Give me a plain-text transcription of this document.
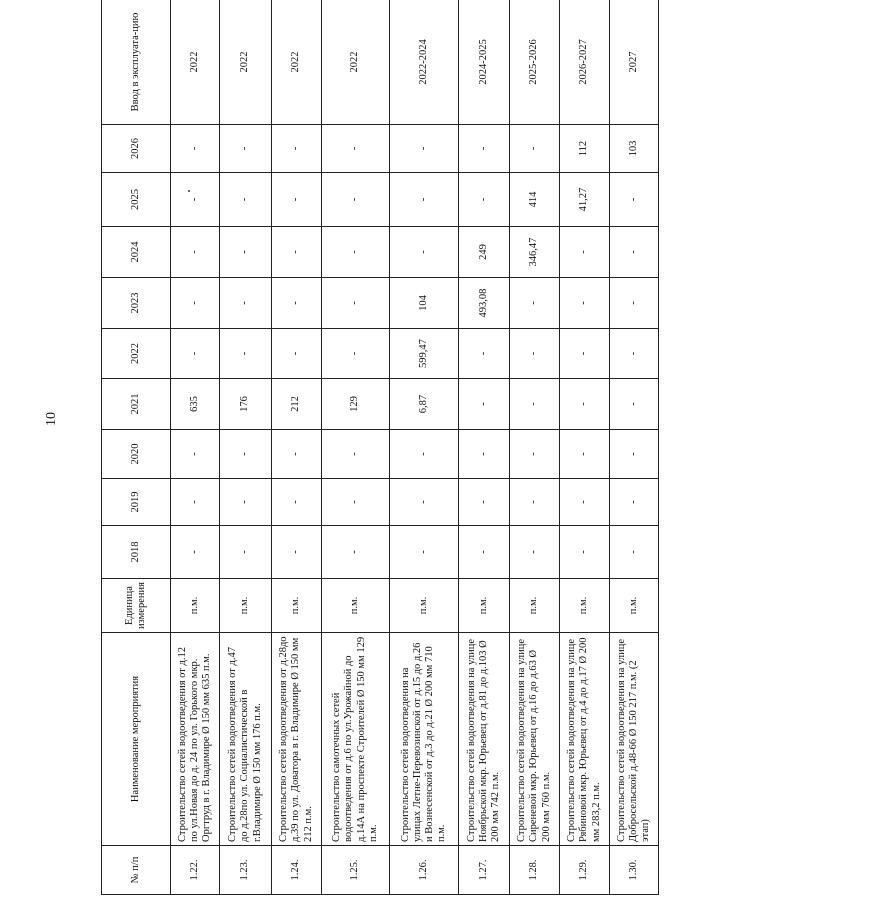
10
№ п/п	Наименование мероприятия	Единица измерения	2018	2019	2020	2021	2022	2023	2024	2025	2026	Ввод в эксплуата-цию
1.22.	Строительство сетей водоотведения от д.12 по ул.Новая до д. 24 по ул. Горького мкр. Оргтруд в г. Владимире Ø 150 мм 635 п.м.	п.м.	-	-	-	635	-	-	-	-	-	2022
1.23.	Строительство сетей водоотведения от д.47 до д.28по ул. Социалистической в г.Владимире Ø 150 мм 176 п.м.	п.м.	-	-	-	176	-	-	-	-	-	2022
1.24.	Строительство сетей водоотведения от д.28до д.39 по ул. Доватора в г. Владимире Ø 150 мм 212 п.м.	п.м.	-	-	-	212	-	-	-	-	-	2022
1.25.	Строительство самотечных сетей водоотведения от д.6 по ул.Урожайной до д.14А на проспекте Строителей Ø 150 мм 129 п.м.	п.м.	-	-	-	129	-	-	-	-	-	2022
1.26.	Строительство сетей водоотведения на улицах Летне-Перевозинской от д.15 до д.26 и Вознесенской от д.3 до д.21 Ø 200 мм 710 п.м.	п.м.	-	-	-	6,87	599,47	104	-	-	-	2022-2024
1.27.	Строительство сетей водоотведения на улице Ноябрьской мкр. Юрьевец от д.81 до д.103 Ø 200 мм 742 п.м.	п.м.	-	-	-	-	-	493,08	249	-	-	2024-2025
1.28.	Строительство сетей водоотведения на улице Сиреневой мкр. Юрьевец от д.16 до д.63 Ø 200 мм 760 п.м.	п.м.	-	-	-	-	-	-	346,47	414	-	2025-2026
1.29.	Строительство сетей водоотведения на улице Рябиновой мкр. Юрьевец от д.4 до д.17 Ø 200 мм 283,2 п.м.	п.м.	-	-	-	-	-	-	-	41,27	112	2026-2027
1.30.	Строительство сетей водоотведения на улице Добросельской д.48-66 Ø 150 217 п.м. (2 этап)	п.м.	-	-	-	-	-	-	-	-	103	2027
